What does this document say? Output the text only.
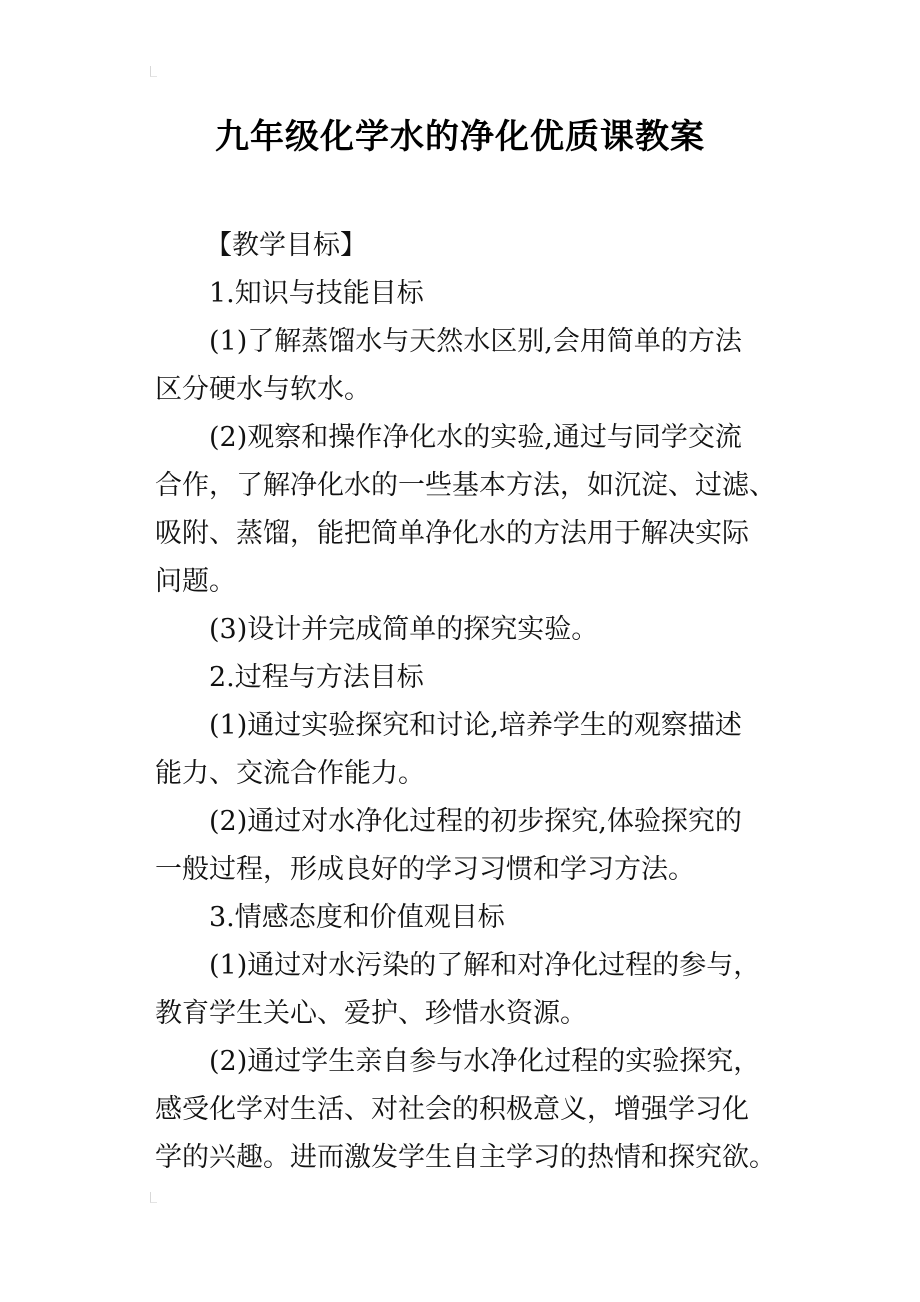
九年级化学水的净化优质课教案
【教学目标】
1.知识与技能目标
(1)了解蒸馏水与天然水区别,会用简单的方法
区分硬水与软水。
(2)观察和操作净化水的实验,通过与同学交流
合作，了解净化水的一些基本方法，如沉淀、过滤、
吸附、蒸馏，能把简单净化水的方法用于解决实际
问题。
(3)设计并完成简单的探究实验。
2.过程与方法目标
(1)通过实验探究和讨论,培养学生的观察描述
能力、交流合作能力。
(2)通过对水净化过程的初步探究,体验探究的
一般过程，形成良好的学习习惯和学习方法。
3.情感态度和价值观目标
(1)通过对水污染的了解和对净化过程的参与，
教育学生关心、爱护、珍惜水资源。
(2)通过学生亲自参与水净化过程的实验探究，
感受化学对生活、对社会的积极意义，增强学习化
学的兴趣。进而激发学生自主学习的热情和探究欲。
